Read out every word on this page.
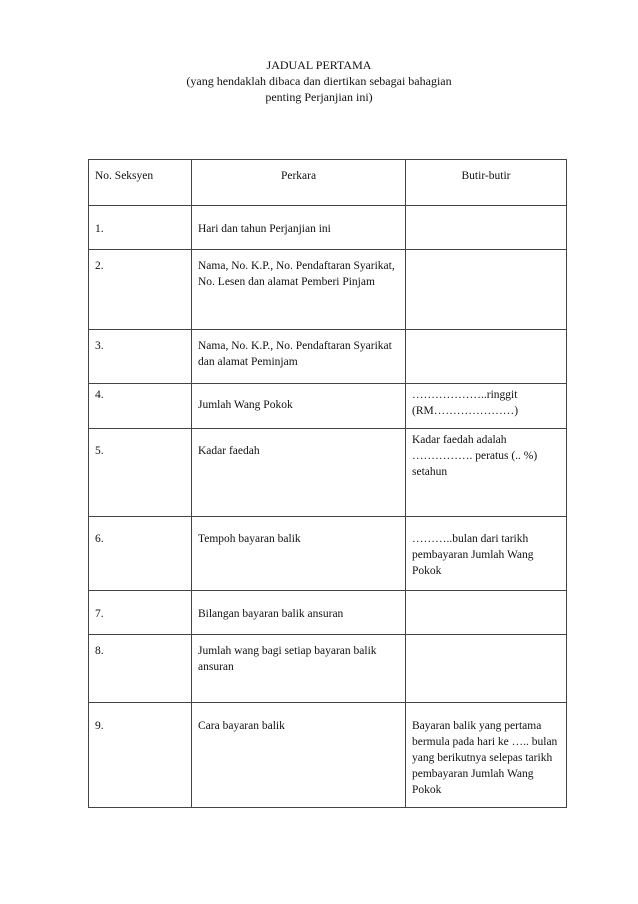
JADUAL PERTAMA
(yang hendaklah dibaca dan diertikan sebagai bahagian
penting Perjanjian ini)
No. Seksyen	Perkara	Butir-butir
1.	Hari dan tahun Perjanjian ini	
2.	Nama, No. K.P., No. Pendaftaran Syarikat, No. Lesen dan alamat Pemberi Pinjam	
3.	Nama, No. K.P., No. Pendaftaran Syarikat dan alamat Peminjam	
4.	Jumlah Wang Pokok	………………..ringgit (RM…………………)
5.	Kadar faedah	Kadar faedah adalah ……………. peratus (.. %) setahun
6.	Tempoh bayaran balik	………..bulan dari tarikh pembayaran Jumlah Wang Pokok
7.	Bilangan bayaran balik ansuran	
8.	Jumlah wang bagi setiap bayaran balik ansuran	
9.	Cara bayaran balik	Bayaran balik yang pertama bermula pada hari ke ….. bulan yang berikutnya selepas tarikh pembayaran Jumlah Wang Pokok
